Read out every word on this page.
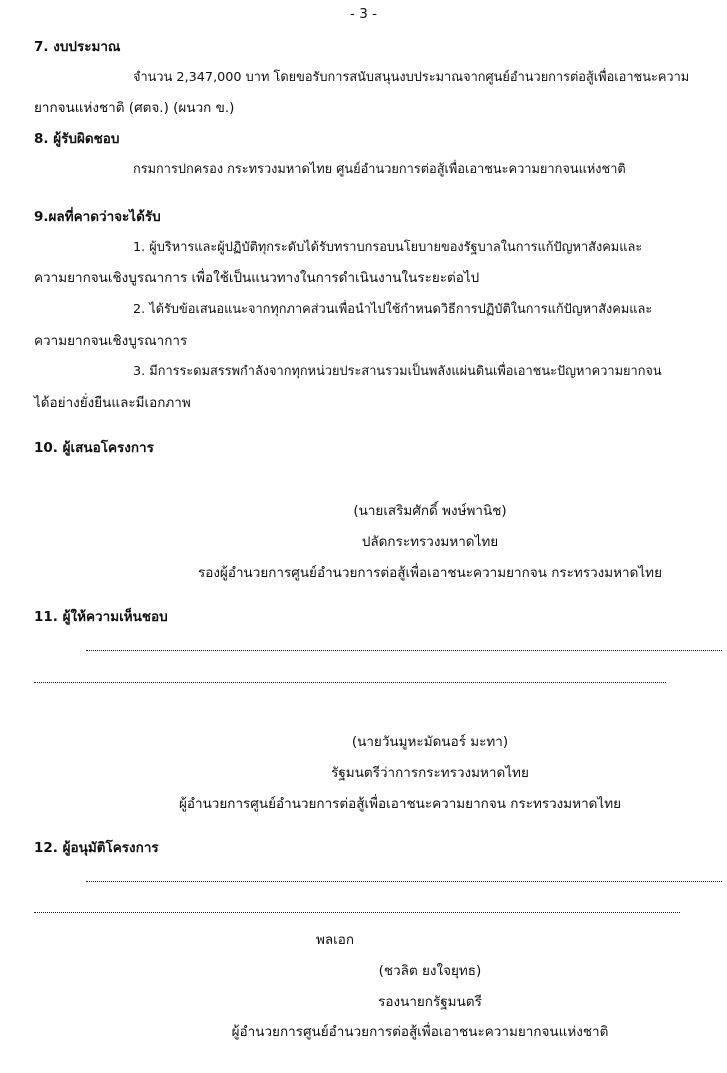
- 3 -
7. งบประมาณ
จำนวน 2,347,000 บาท โดยขอรับการสนับสนุนงบประมาณจากศูนย์อำนวยการต่อสู้เพื่อเอาชนะความ
ยากจนแห่งชาติ (ศตจ.) (ผนวก ข.)
8. ผู้รับผิดชอบ
กรมการปกครอง กระทรวงมหาดไทย ศูนย์อำนวยการต่อสู้เพื่อเอาชนะความยากจนแห่งชาติ
9.ผลที่คาดว่าจะได้รับ
1. ผู้บริหารและผู้ปฏิบัติทุกระดับได้รับทราบกรอบนโยบายของรัฐบาลในการแก้ปัญหาสังคมและ
ความยากจนเชิงบูรณาการ เพื่อใช้เป็นแนวทางในการดำเนินงานในระยะต่อไป
2. ได้รับข้อเสนอแนะจากทุกภาคส่วนเพื่อนำไปใช้กำหนดวิธีการปฏิบัติในการแก้ปัญหาสังคมและ
ความยากจนเชิงบูรณาการ
3. มีการระดมสรรพกำลังจากทุกหน่วยประสานรวมเป็นพลังแผ่นดินเพื่อเอาชนะปัญหาความยากจน
ได้อย่างยั่งยืนและมีเอกภาพ
10. ผู้เสนอโครงการ
(นายเสริมศักดิ์ พงษ์พานิช)
ปลัดกระทรวงมหาดไทย
รองผู้อำนวยการศูนย์อำนวยการต่อสู้เพื่อเอาชนะความยากจน กระทรวงมหาดไทย
11. ผู้ให้ความเห็นชอบ
(นายวันมูหะมัดนอร์ มะทา)
รัฐมนตรีว่าการกระทรวงมหาดไทย
ผู้อำนวยการศูนย์อำนวยการต่อสู้เพื่อเอาชนะความยากจน กระทรวงมหาดไทย
12. ผู้อนุมัติโครงการ
พลเอก
(ชวลิต ยงใจยุทธ)
รองนายกรัฐมนตรี
ผู้อำนวยการศูนย์อำนวยการต่อสู้เพื่อเอาชนะความยากจนแห่งชาติ
